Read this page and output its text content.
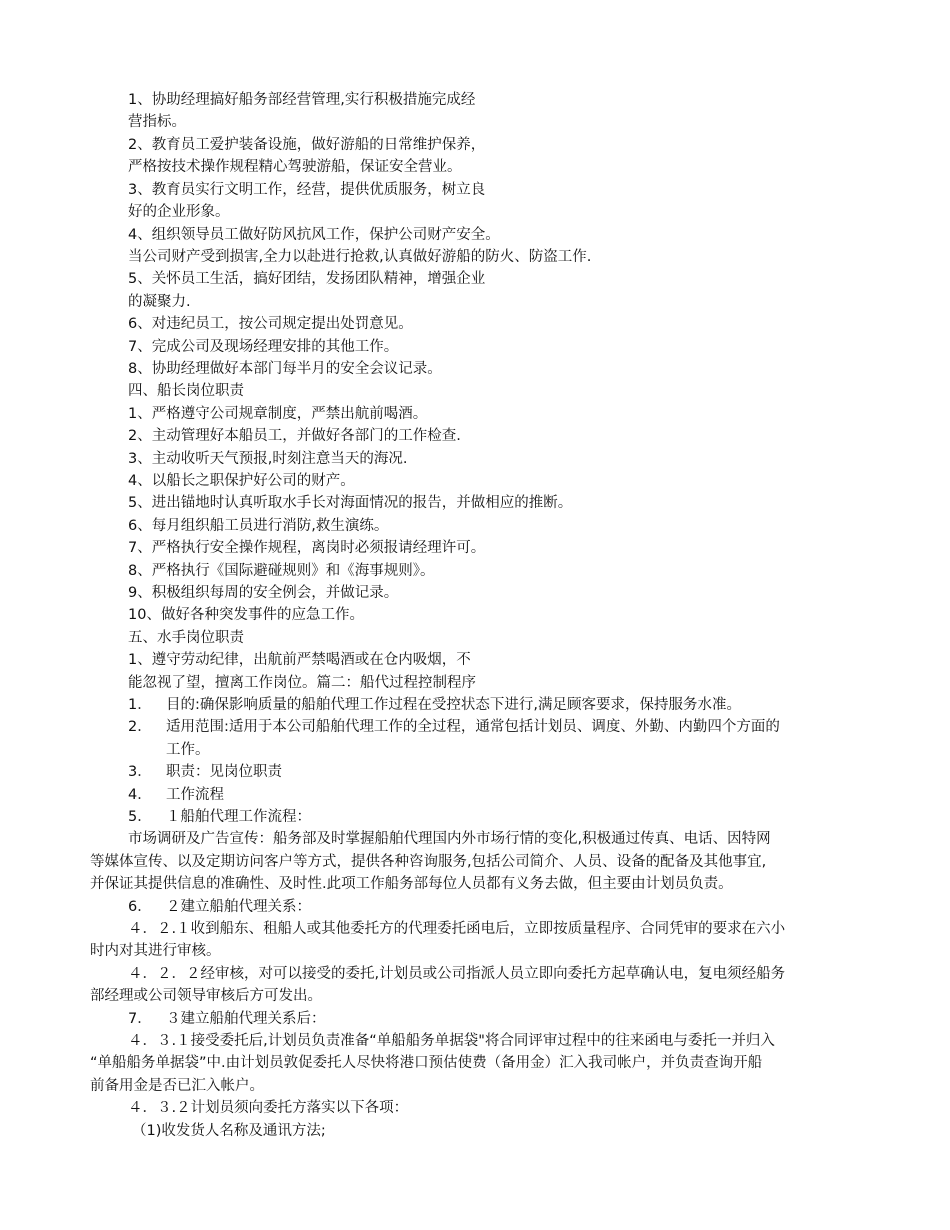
1、协助经理搞好船务部经营管理,实行积极措施完成经
营指标。
2、教育员工爱护装备设施，做好游船的日常维护保养，
严格按技术操作规程精心驾驶游船，保证安全营业。
3、教育员实行文明工作，经营，提供优质服务，树立良
好的企业形象。
4、组织领导员工做好防风抗风工作，保护公司财产安全。
当公司财产受到损害,全力以赴进行抢救,认真做好游船的防火、防盗工作.
5、关怀员工生活，搞好团结，发扬团队精神，增强企业
的凝聚力.
6、对违纪员工，按公司规定提出处罚意见。
7、完成公司及现场经理安排的其他工作。
8、协助经理做好本部门每半月的安全会议记录。
四、船长岗位职责
1、严格遵守公司规章制度，严禁出航前喝酒。
2、主动管理好本船员工，并做好各部门的工作检查.
3、主动收听天气预报,时刻注意当天的海况.
4、以船长之职保护好公司的财产。
5、进出锚地时认真听取水手长对海面情况的报告，并做相应的推断。
6、每月组织船工员进行消防,救生演练。
7、严格执行安全操作规程，离岗时必须报请经理许可。
8、严格执行《国际避碰规则》和《海事规则》。
9、积极组织每周的安全例会，并做记录。
10、做好各种突发事件的应急工作。
五、水手岗位职责
1、遵守劳动纪律，出航前严禁喝酒或在仓内吸烟，不
能忽视了望，擅离工作岗位。篇二：船代过程控制程序
1． 目的:确保影响质量的船舶代理工作过程在受控状态下进行,满足顾客要求，保持服务水准。
2． 适用范围:适用于本公司船舶代理工作的全过程，通常包括计划员、调度、外勤、内勤四个方面的
工作。
3． 职责：见岗位职责
4． 工作流程
5． １船舶代理工作流程：
市场调研及广告宣传：船务部及时掌握船舶代理国内外市场行情的变化,积极通过传真、电话、因特网
等媒体宣传、以及定期访问客户等方式，提供各种咨询服务,包括公司简介、人员、设备的配备及其他事宜,
并保证其提供信息的准确性、及时性.此项工作船务部每位人员都有义务去做，但主要由计划员负责。
6． ２建立船舶代理关系：
４．２.１收到船东、租船人或其他委托方的代理委托函电后，立即按质量程序、合同凭审的要求在六小
时内对其进行审核。
４．２．２经审核，对可以接受的委托,计划员或公司指派人员立即向委托方起草确认电，复电须经船务
部经理或公司领导审核后方可发出。
7． ３建立船舶代理关系后：
４．３.１接受委托后,计划员负责准备“单船船务单据袋"将合同评审过程中的往来函电与委托一并归入
“单船船务单据袋”中.由计划员敦促委托人尽快将港口预估使费（备用金）汇入我司帐户，并负责查询开船
前备用金是否已汇入帐户。
４．３.２计划员须向委托方落实以下各项：
（1)收发货人名称及通讯方法;
